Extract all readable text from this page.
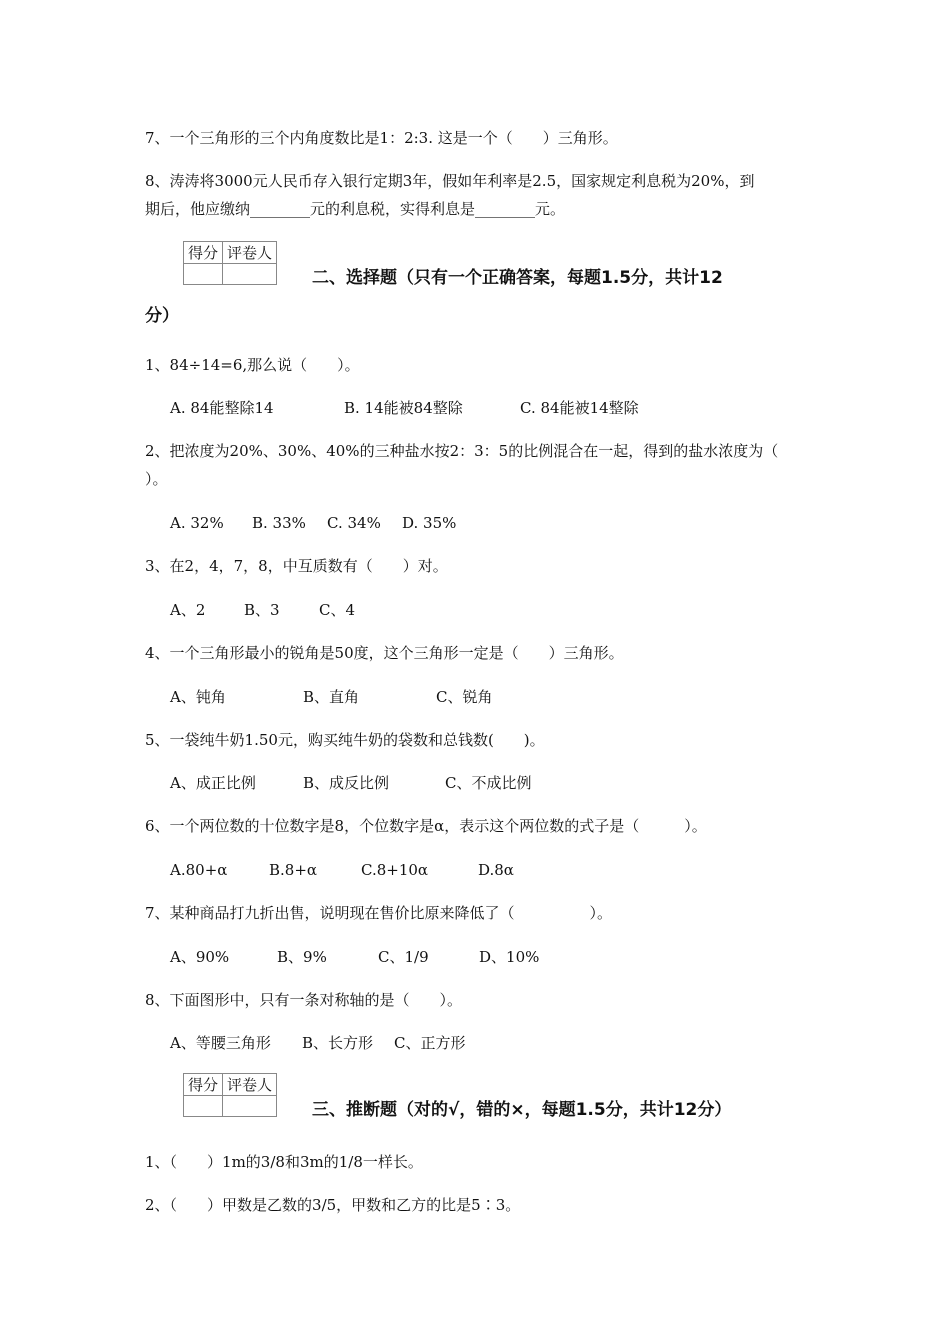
7、一个三角形的三个内角度数比是1：2:3. 这是一个（　　）三角形。
8、涛涛将3000元人民币存入银行定期3年，假如年利率是2.5，国家规定利息税为20%，到
期后，他应缴纳________元的利息税，实得利息是________元。
得分	评卷人

二、选择题（只有一个正确答案，每题1.5分，共计12
分）
1、84÷14=6,那么说（　　）。
A. 84能整除14	B. 14能被84整除	C. 84能被14整除
2、把浓度为20%、30%、40%的三种盐水按2：3：5的比例混合在一起，得到的盐水浓度为（
）。
A. 32% B. 33% C. 34% D. 35%
3、在2，4，7，8，中互质数有（　　）对。
A、2	B、3	C、4
4、一个三角形最小的锐角是50度，这个三角形一定是（　　）三角形。
A、钝角	B、直角	C、锐角
5、一袋纯牛奶1.50元，购买纯牛奶的袋数和总钱数(　　)。
A、成正比例	B、成反比例	C、不成比例
6、一个两位数的十位数字是8，个位数字是α，表示这个两位数的式子是（　　　）。
A.80+α	B.8+α	C.8+10α	D.8α
7、某种商品打九折出售，说明现在售价比原来降低了（　　　　　）。
A、90%	B、9%	C、1/9	D、10%
8、下面图形中，只有一条对称轴的是（　　）。
A、等腰三角形 B、长方形 C、正方形
得分	评卷人

三、推断题（对的√，错的×，每题1.5分，共计12分）
1、（　　）1m的3/8和3m的1/8一样长。
2、（　　）甲数是乙数的3/5，甲数和乙方的比是5∶3。
